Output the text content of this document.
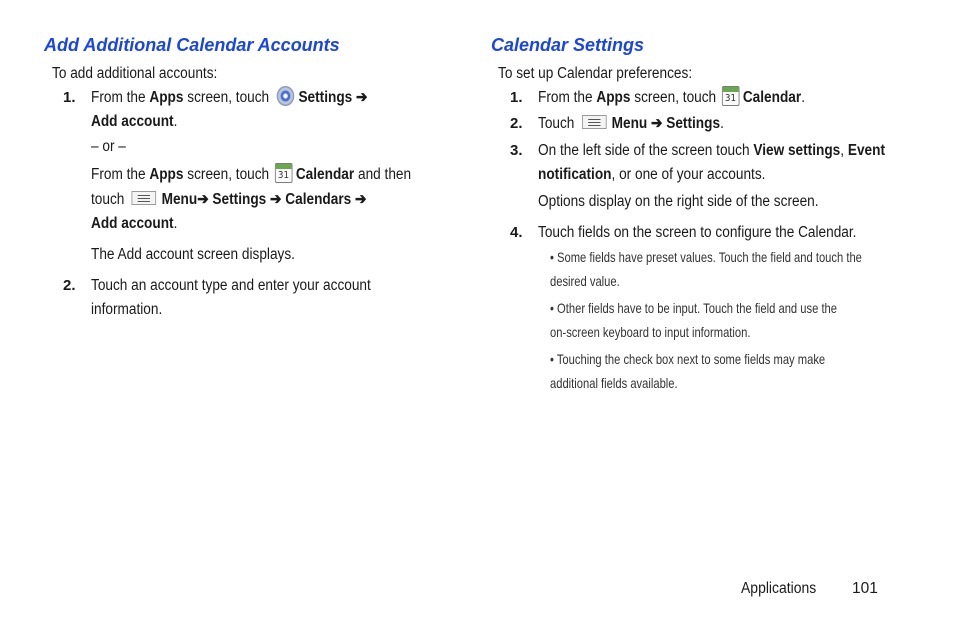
Add Additional Calendar Accounts
To add additional accounts:
1. From the Apps screen, touch Settings ➔
Add account.
– or –
From the Apps screen, touch 31 Calendar and then
touch
Menu➔ Settings ➔ Calendars ➔
Add account.
The Add account screen displays.
2. Touch an account type and enter your account
information.
Calendar Settings
To set up Calendar preferences:
1. From the Apps screen, touch 31 Calendar.
2. Touch
Menu ➔ Settings.
3. On the left side of the screen touch View settings, Event
notification, or one of your accounts.
Options display on the right side of the screen.
4. Touch fields on the screen to configure the Calendar.
• Some fields have preset values. Touch the field and touch the
desired value.
• Other fields have to be input. Touch the field and use the
on-screen keyboard to input information.
• Touching the check box next to some fields may make
additional fields available.
Applications 101
